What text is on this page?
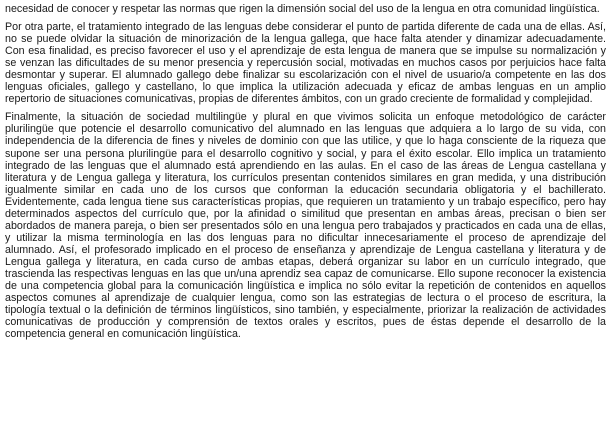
necesidad de conocer y respetar las normas que rigen la dimensión social del uso de la lengua en otra comunidad lingüística.

Por otra parte, el tratamiento integrado de las lenguas debe considerar el punto de partida diferente de cada una de ellas. Así, no se puede olvidar la situación de minorización de la lengua gallega, que hace falta atender y dinamizar adecuadamente. Con esa finalidad, es preciso favorecer el uso y el aprendizaje de esta lengua de manera que se impulse su normalización y se venzan las dificultades de su menor presencia y repercusión social, motivadas en muchos casos por perjuicios hace falta desmontar y superar. El alumnado gallego debe finalizar su escolarización con el nivel de usuario/a competente en las dos lenguas oficiales, gallego y castellano, lo que implica la utilización adecuada y eficaz de ambas lenguas en un amplio repertorio de situaciones comunicativas, propias de diferentes ámbitos, con un grado creciente de formalidad y complejidad.

Finalmente, la situación de sociedad multilingüe y plural en que vivimos solicita un enfoque metodológico de carácter plurilingüe que potencie el desarrollo comunicativo del alumnado en las lenguas que adquiera a lo largo de su vida, con independencia de la diferencia de fines y niveles de dominio con que las utilice, y que lo haga consciente de la riqueza que supone ser una persona plurilingüe para el desarrollo cognitivo y social, y para el éxito escolar. Ello implica un tratamiento integrado de las lenguas que el alumnado está aprendiendo en las aulas. En el caso de las áreas de Lengua castellana y literatura y de Lengua gallega y literatura, los currículos presentan contenidos similares en gran medida, y una distribución igualmente similar en cada uno de los cursos que conforman la educación secundaria obligatoria y el bachillerato. Evidentemente, cada lengua tiene sus características propias, que requieren un tratamiento y un trabajo específico, pero hay determinados aspectos del currículo que, por la afinidad o similitud que presentan en ambas áreas, precisan o bien ser abordados de manera pareja, o bien ser presentados sólo en una lengua pero trabajados y practicados en cada una de ellas, y utilizar la misma terminología en las dos lenguas para no dificultar innecesariamente el proceso de aprendizaje del alumnado. Así, el profesorado implicado en el proceso de enseñanza y aprendizaje de Lengua castellana y literatura y de Lengua gallega y literatura, en cada curso de ambas etapas, deberá organizar su labor en un currículo integrado, que trascienda las respectivas lenguas en las que un/una aprendiz sea capaz de comunicarse. Ello supone reconocer la existencia de una competencia global para la comunicación lingüística e implica no sólo evitar la repetición de contenidos en aquellos aspectos comunes al aprendizaje de cualquier lengua, como son las estrategias de lectura o el proceso de escritura, la tipología textual o la definición de términos lingüísticos, sino también, y especialmente, priorizar la realización de actividades comunicativas de producción y comprensión de textos orales y escritos, pues de éstas depende el desarrollo de la competencia general en comunicación lingüística.
